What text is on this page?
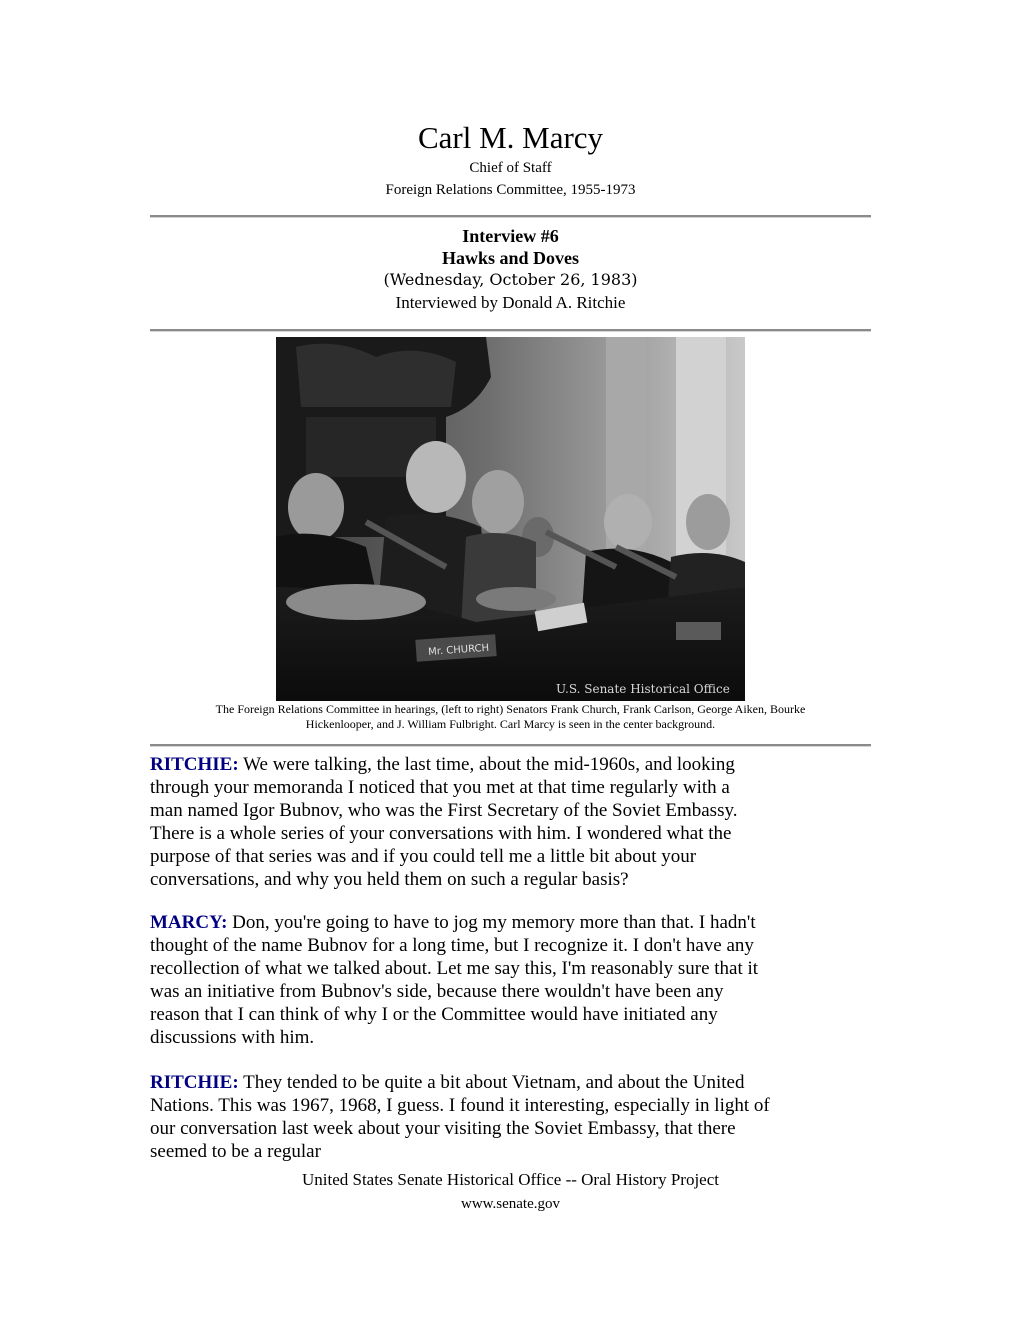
Carl M. Marcy
Chief of Staff
Foreign Relations Committee, 1955-1973
Interview #6
Hawks and Doves
(Wednesday, October 26, 1983)
Interviewed by Donald A. Ritchie
Mr. CHURCH
U.S. Senate Historical Office
The Foreign Relations Committee in hearings, (left to right) Senators Frank Church, Frank Carlson, George Aiken, Bourke
Hickenlooper, and J. William Fulbright. Carl Marcy is seen in the center background.
RITCHIE: We were talking, the last time, about the mid-1960s, and looking
through your memoranda I noticed that you met at that time regularly with a
man named Igor Bubnov, who was the First Secretary of the Soviet Embassy.
There is a whole series of your conversations with him. I wondered what the
purpose of that series was and if you could tell me a little bit about your
conversations, and why you held them on such a regular basis?
MARCY: Don, you're going to have to jog my memory more than that. I hadn't
thought of the name Bubnov for a long time, but I recognize it. I don't have any
recollection of what we talked about. Let me say this, I'm reasonably sure that it
was an initiative from Bubnov's side, because there wouldn't have been any
reason that I can think of why I or the Committee would have initiated any
discussions with him.
RITCHIE: They tended to be quite a bit about Vietnam, and about the United
Nations. This was 1967, 1968, I guess. I found it interesting, especially in light of
our conversation last week about your visiting the Soviet Embassy, that there
seemed to be a regular
United States Senate Historical Office -- Oral History Project
www.senate.gov
